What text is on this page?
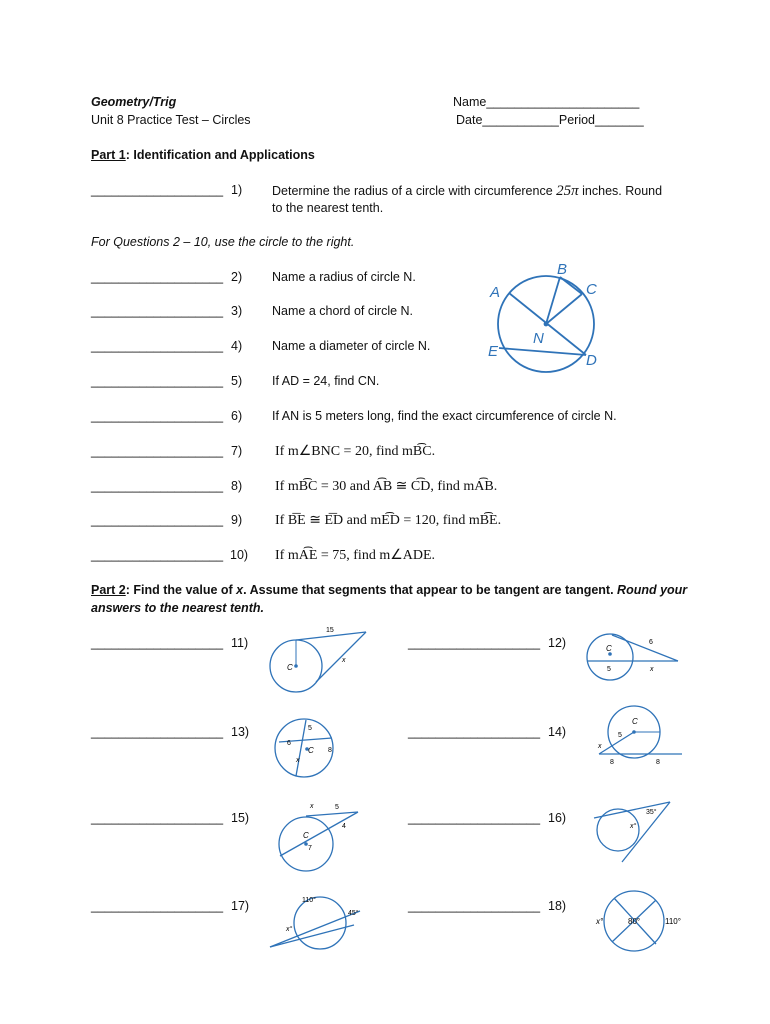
Geometry/Trig
Unit 8 Practice Test – Circles
Name______________________
Date___________Period_______
Part 1: Identification and Applications
___________________ 1) Determine the radius of a circle with circumference 25π inches. Round
to the nearest tenth.
For Questions 2 – 10, use the circle to the right.
___________________ 2) Name a radius of circle N.
___________________ 3) Name a chord of circle N.
___________________ 4) Name a diameter of circle N.
___________________ 5) If AD = 24, find CN.
___________________ 6) If AN is 5 meters long, find the exact circumference of circle N.
___________________ 7) If m∠BNC = 20, find mB͡C.
___________________ 8) If mB͡C = 30 and A͡B ≅ C͡D, find mA͡B.
___________________ 9) If B͞E ≅ E͞D and mE͡D = 120, find mB͡E.
___________________ 10) If mA͡E = 75, find m∠ADE.
B
A	C
N
E
D
Part 2: Find the value of x. Assume that segments that appear to be tangent are tangent. Round your
answers to the nearest tenth.
___________________ 11)	___________________ 12)
___________________ 13)	___________________ 14)
___________________ 15)	___________________ 16)
___________________ 17)	___________________ 18)
15
C
x
C
6
5	x
5
8
6
C
x
C
5
x
8	8
x	5
4
C
7
35°
x°
110°
45°
x°
x°	80°	110°
